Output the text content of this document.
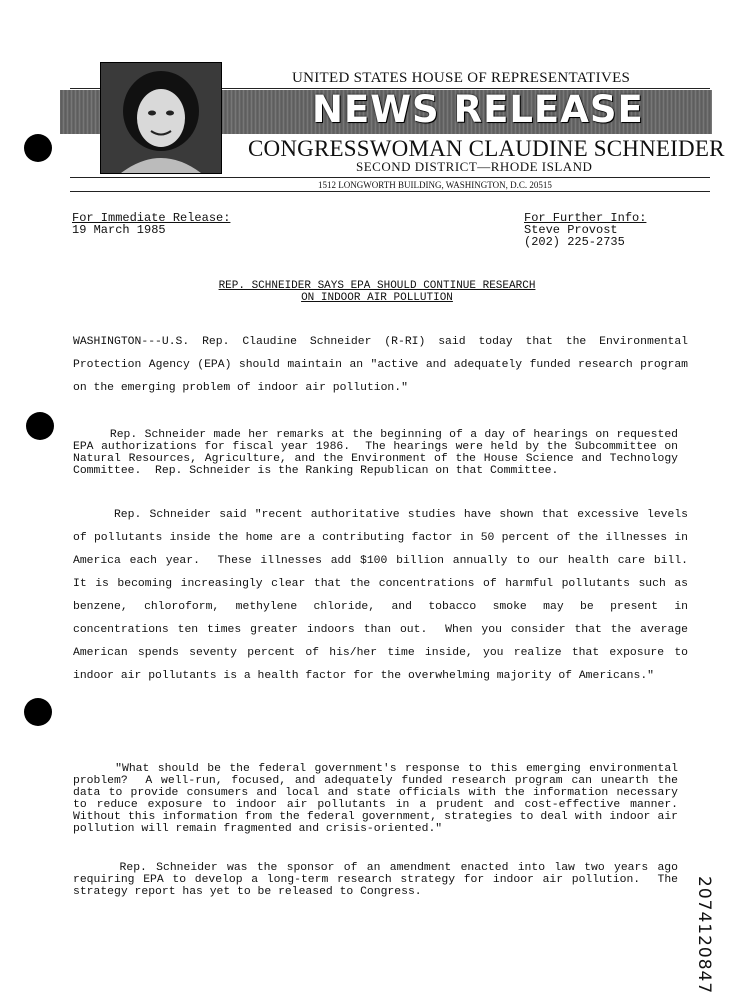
UNITED STATES HOUSE OF REPRESENTATIVES
NEWS RELEASE
CONGRESSWOMAN CLAUDINE SCHNEIDER
SECOND DISTRICT—RHODE ISLAND
1512 LONGWORTH BUILDING, WASHINGTON, D.C. 20515
For Immediate Release:
19 March 1985
For Further Info:
Steve Provost
(202) 225-2735
REP. SCHNEIDER SAYS EPA SHOULD CONTINUE RESEARCH
ON INDOOR AIR POLLUTION
WASHINGTON---U.S. Rep. Claudine Schneider (R-RI) said today that the Environmental Protection Agency (EPA) should maintain an "active and adequately funded research program on the emerging problem of indoor air pollution."
Rep. Schneider made her remarks at the beginning of a day of hearings on requested EPA authorizations for fiscal year 1986.  The hearings were held by the Subcommittee on Natural Resources, Agriculture, and the Environment of the House Science and Technology Committee.  Rep. Schneider is the Ranking Republican on that Committee.
Rep. Schneider said "recent authoritative studies have shown that excessive levels of pollutants inside the home are a contributing factor in 50 percent of the illnesses in America each year.  These illnesses add $100 billion annually to our health care bill.  It is becoming increasingly clear that the concentrations of harmful pollutants such as benzene, chloroform, methylene chloride, and tobacco smoke may be present in concentrations ten times greater indoors than out.  When you consider that the average American spends seventy percent of his/her time inside, you realize that exposure to indoor air pollutants is a health factor for the overwhelming majority of Americans."
"What should be the federal government's response to this emerging environmental problem?  A well-run, focused, and adequately funded research program can unearth the data to provide consumers and local and state officials with the information necessary to reduce exposure to indoor air pollutants in a prudent and cost-effective manner.  Without this information from the federal government, strategies to deal with indoor air pollution will remain fragmented and crisis-oriented."
Rep. Schneider was the sponsor of an amendment enacted into law two years ago requiring EPA to develop a long-term research strategy for indoor air pollution.  The strategy report has yet to be released to Congress.	2074120847
